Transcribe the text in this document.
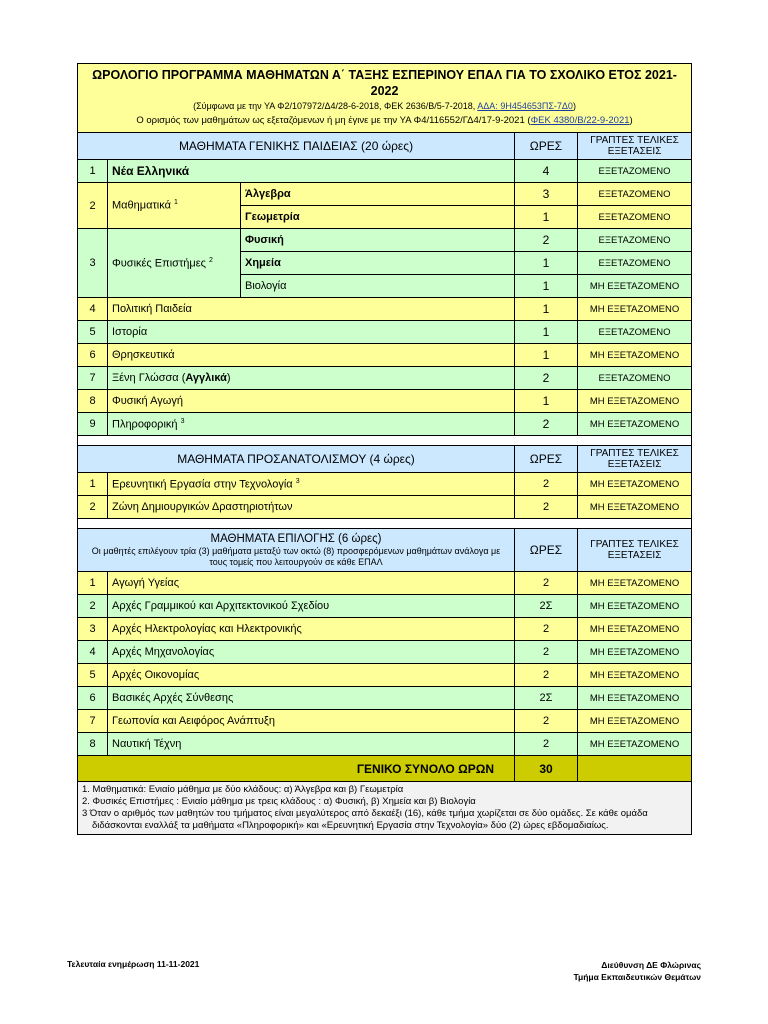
ΩΡΟΛΟΓΙΟ ΠΡΟΓΡΑΜΜΑ ΜΑΘΗΜΑΤΩΝ Α΄ ΤΑΞΗΣ ΕΣΠΕΡΙΝΟΥ ΕΠΑΛ ΓΙΑ ΤΟ ΣΧΟΛΙΚΟ ΕΤΟΣ 2021-2022
(Σύμφωνα με την ΥΑ Φ2/107972/Δ4/28-6-2018, ΦΕΚ 2636/Β/5-7-2018, ΑΔΑ: 9Η454653ΠΣ-7Δ0)
Ο ορισμός των μαθημάτων ως εξεταζόμενων ή μη έγινε με την ΥΑ Φ4/116552/ΓΔ4/17-9-2021 (ΦΕΚ 4380/Β/22-9-2021)				

ΜΑΘΗΜΑΤΑ ΓΕΝΙΚΗΣ ΠΑΙΔΕΙΑΣ (20 ώρες)			ΩΡΕΣ	ΓΡΑΠΤΕΣ ΤΕΛΙΚΕΣ ΕΞΕΤΑΣΕΙΣ
1	Νέα Ελληνικά		4	ΕΞΕΤΑΖΟΜΕΝΟ
2	Μαθηματικά $^1$	Άλγεβρα	3	ΕΞΕΤΑΖΟΜΕΝΟ
		Γεωμετρία	1	ΕΞΕΤΑΖΟΜΕΝΟ
3	Φυσικές Επιστήμες $^2$	Φυσική	2	ΕΞΕΤΑΖΟΜΕΝΟ
		Χημεία	1	ΕΞΕΤΑΖΟΜΕΝΟ
		Βιολογία	1	ΜΗ ΕΞΕΤΑΖΟΜΕΝΟ
4	Πολιτική Παιδεία		1	ΜΗ ΕΞΕΤΑΖΟΜΕΝΟ
5	Ιστορία		1	ΕΞΕΤΑΖΟΜΕΝΟ
6	Θρησκευτικά		1	ΜΗ ΕΞΕΤΑΖΟΜΕΝΟ
7	Ξένη Γλώσσα (Αγγλικά)		2	ΕΞΕΤΑΖΟΜΕΝΟ
8	Φυσική Αγωγή		1	ΜΗ ΕΞΕΤΑΖΟΜΕΝΟ
9	Πληροφορική $^3$		2	ΜΗ ΕΞΕΤΑΖΟΜΕΝΟ

ΜΑΘΗΜΑΤΑ ΠΡΟΣΑΝΑΤΟΛΙΣΜΟΥ (4 ώρες)			ΩΡΕΣ	ΓΡΑΠΤΕΣ ΤΕΛΙΚΕΣ ΕΞΕΤΑΣΕΙΣ
1	Ερευνητική Εργασία στην Τεχνολογία $^3$		2	ΜΗ ΕΞΕΤΑΖΟΜΕΝΟ
2	Ζώνη Δημιουργικών Δραστηριοτήτων		2	ΜΗ ΕΞΕΤΑΖΟΜΕΝΟ

ΜΑΘΗΜΑΤΑ ΕΠΙΛΟΓΗΣ (6 ώρες)
Οι μαθητές επιλέγουν τρία (3) μαθήματα μεταξύ των οκτώ (8) προσφερόμενων μαθημάτων ανάλογα με τους τομείς που λειτουργούν σε κάθε ΕΠΑΛ			ΩΡΕΣ	ΓΡΑΠΤΕΣ ΤΕΛΙΚΕΣ ΕΞΕΤΑΣΕΙΣ
1	Αγωγή Υγείας		2	ΜΗ ΕΞΕΤΑΖΟΜΕΝΟ
2	Αρχές Γραμμικού και Αρχιτεκτονικού Σχεδίου		2Σ	ΜΗ ΕΞΕΤΑΖΟΜΕΝΟ
3	Αρχές Ηλεκτρολογίας και Ηλεκτρονικής		2	ΜΗ ΕΞΕΤΑΖΟΜΕΝΟ
4	Αρχές Μηχανολογίας		2	ΜΗ ΕΞΕΤΑΖΟΜΕΝΟ
5	Αρχές Οικονομίας		2	ΜΗ ΕΞΕΤΑΖΟΜΕΝΟ
6	Βασικές Αρχές Σύνθεσης		2Σ	ΜΗ ΕΞΕΤΑΖΟΜΕΝΟ
7	Γεωπονία και Αειφόρος Ανάπτυξη		2	ΜΗ ΕΞΕΤΑΖΟΜΕΝΟ
8	Ναυτική Τέχνη		2	ΜΗ ΕΞΕΤΑΖΟΜΕΝΟ
ΓΕΝΙΚΟ ΣΥΝΟΛΟ ΩΡΩΝ			30	

1. Μαθηματικά: Ενιαίο μάθημα με δύο κλάδους: α) Άλγεβρα και β) Γεωμετρία
2. Φυσικές Επιστήμες : Ενιαίο μάθημα με τρεις κλάδους : α) Φυσική, β) Χημεία και β) Βιολογία
3 Όταν ο αριθμός των μαθητών του τμήματος είναι μεγαλύτερος από δεκαέξι (16), κάθε τμήμα χωρίζεται σε δύο ομάδες. Σε κάθε ομάδα
διδάσκονται εναλλάξ τα μαθήματα «Πληροφορική» και «Ερευνητική Εργασία στην Τεχνολογία» δύο (2) ώρες εβδομαδιαίως.				
Τελευταία ενημέρωση 11-11-2021	Διεύθυνση ΔΕ Φλώρινας
Τμήμα Εκπαιδευτικών Θεμάτων
